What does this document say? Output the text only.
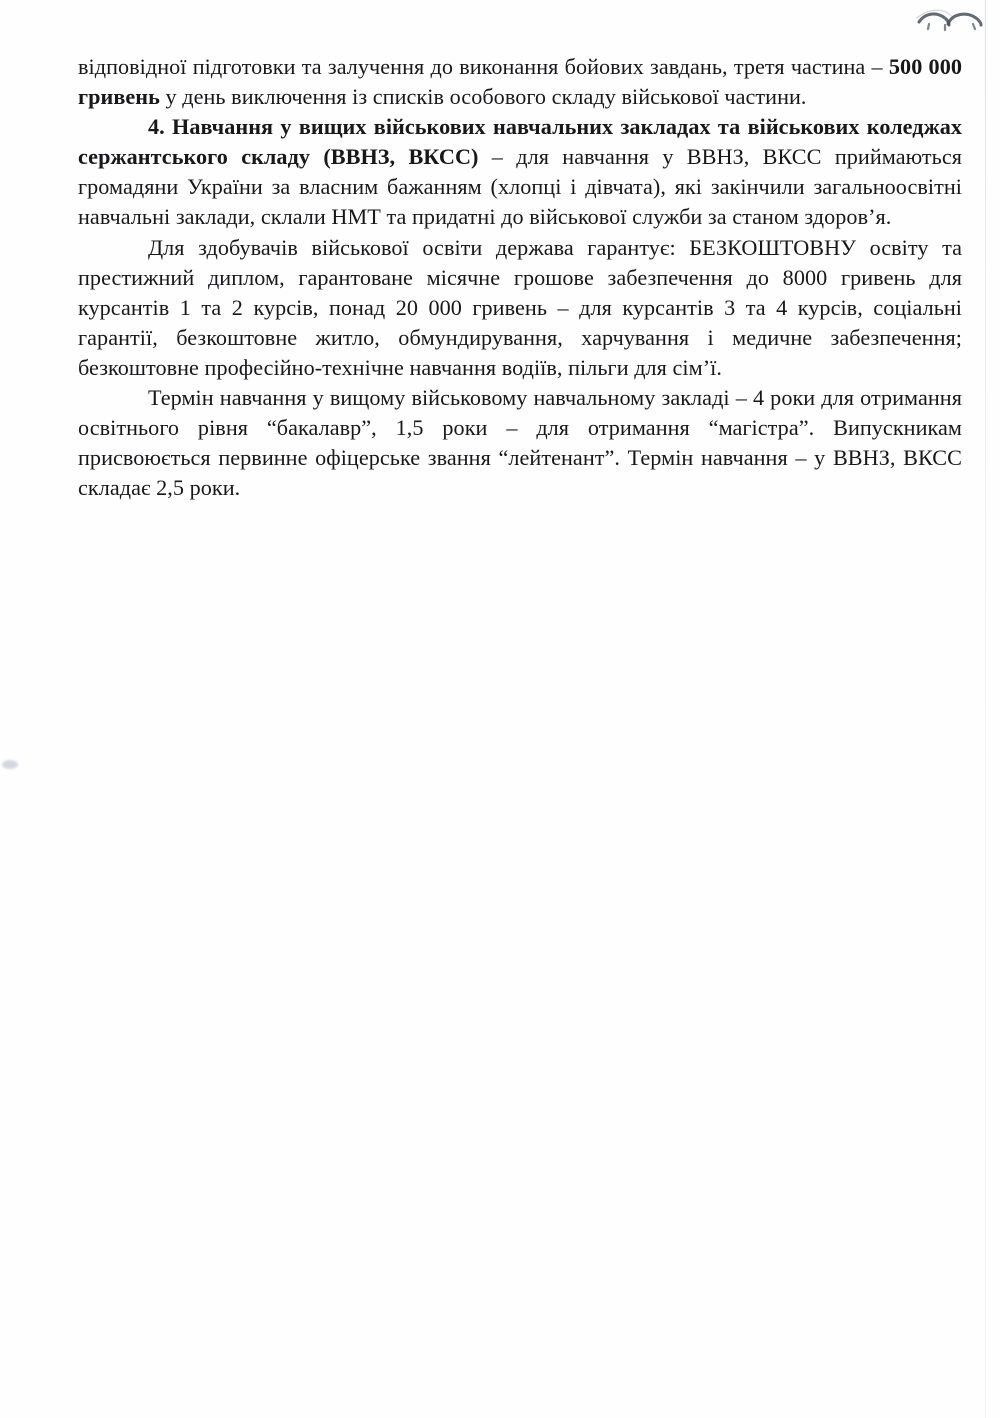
відповідної підготовки та залучення до виконання бойових завдань, третя частина – 500 000 гривень у день виключення із списків особового складу військової частини.

4. Навчання у вищих військових навчальних закладах та військових коледжах сержантського складу (ВВНЗ, ВКСС) – для навчання у ВВНЗ, ВКСС приймаються громадяни України за власним бажанням (хлопці і дівчата), які закінчили загальноосвітні навчальні заклади, склали НМТ та придатні до військової служби за станом здоров’я.

Для здобувачів військової освіти держава гарантує: БЕЗКОШТОВНУ освіту та престижний диплом, гарантоване місячне грошове забезпечення до 8000 гривень для курсантів 1 та 2 курсів, понад 20 000 гривень – для курсантів 3 та 4 курсів, соціальні гарантії, безкоштовне житло, обмундирування, харчування і медичне забезпечення; безкоштовне професійно-технічне навчання водіїв, пільги для сім’ї.

Термін навчання у вищому військовому навчальному закладі – 4 роки для отримання освітнього рівня “бакалавр”, 1,5 роки – для отримання “магістра”. Випускникам присвоюється первинне офіцерське звання “лейтенант”. Термін навчання – у ВВНЗ, ВКСС складає 2,5 роки.
